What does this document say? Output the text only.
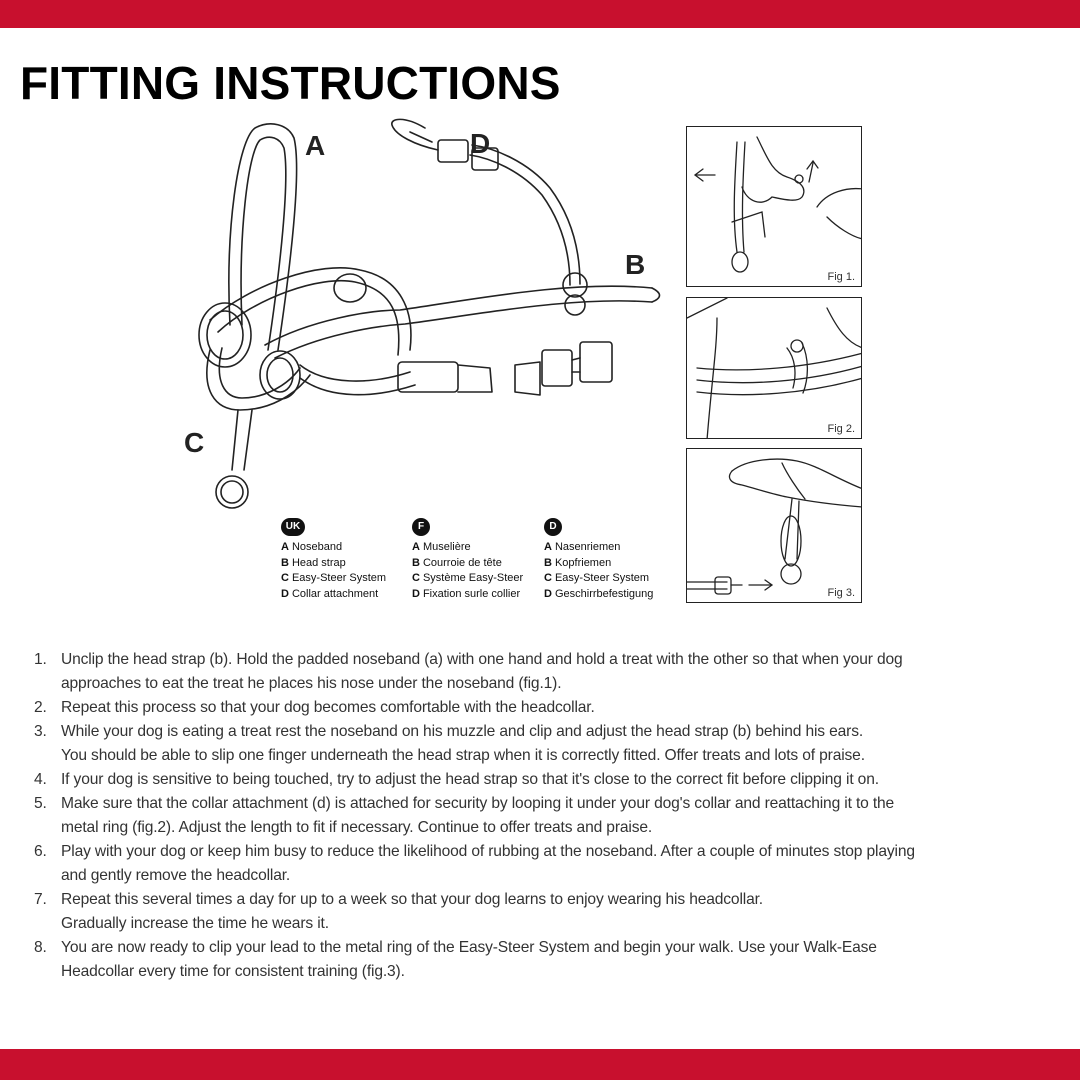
FITTING INSTRUCTIONS
A
B
C
D
UK
A Noseband
B Head strap
C Easy-Steer System
D Collar attachment
F
A Muselière
B Courroie de tête
C Système Easy-Steer
D Fixation surle collier
D
A Nasenriemen
B Kopfriemen
C Easy-Steer System
D Geschirrbefestigung
Fig 1.
Fig 2.
Fig 3.
1. Unclip the head strap (b). Hold the padded noseband (a) with one hand and hold a treat with the other so that when your dog
approaches to eat the treat he places his nose under the noseband (fig.1).
2. Repeat this process so that your dog becomes comfortable with the headcollar.
3. While your dog is eating a treat rest the noseband on his muzzle and clip and adjust the head strap (b) behind his ears.
You should be able to slip one finger underneath the head strap when it is correctly fitted. Offer treats and lots of praise.
4. If your dog is sensitive to being touched, try to adjust the head strap so that it's close to the correct fit before clipping it on.
5. Make sure that the collar attachment (d) is attached for security by looping it under your dog's collar and reattaching it to the
metal ring (fig.2). Adjust the length to fit if necessary. Continue to offer treats and praise.
6. Play with your dog or keep him busy to reduce the likelihood of rubbing at the noseband. After a couple of minutes stop playing
and gently remove the headcollar.
7. Repeat this several times a day for up to a week so that your dog learns to enjoy wearing his headcollar.
Gradually increase the time he wears it.
8. You are now ready to clip your lead to the metal ring of the Easy-Steer System and begin your walk. Use your Walk-Ease
Headcollar every time for consistent training (fig.3).
